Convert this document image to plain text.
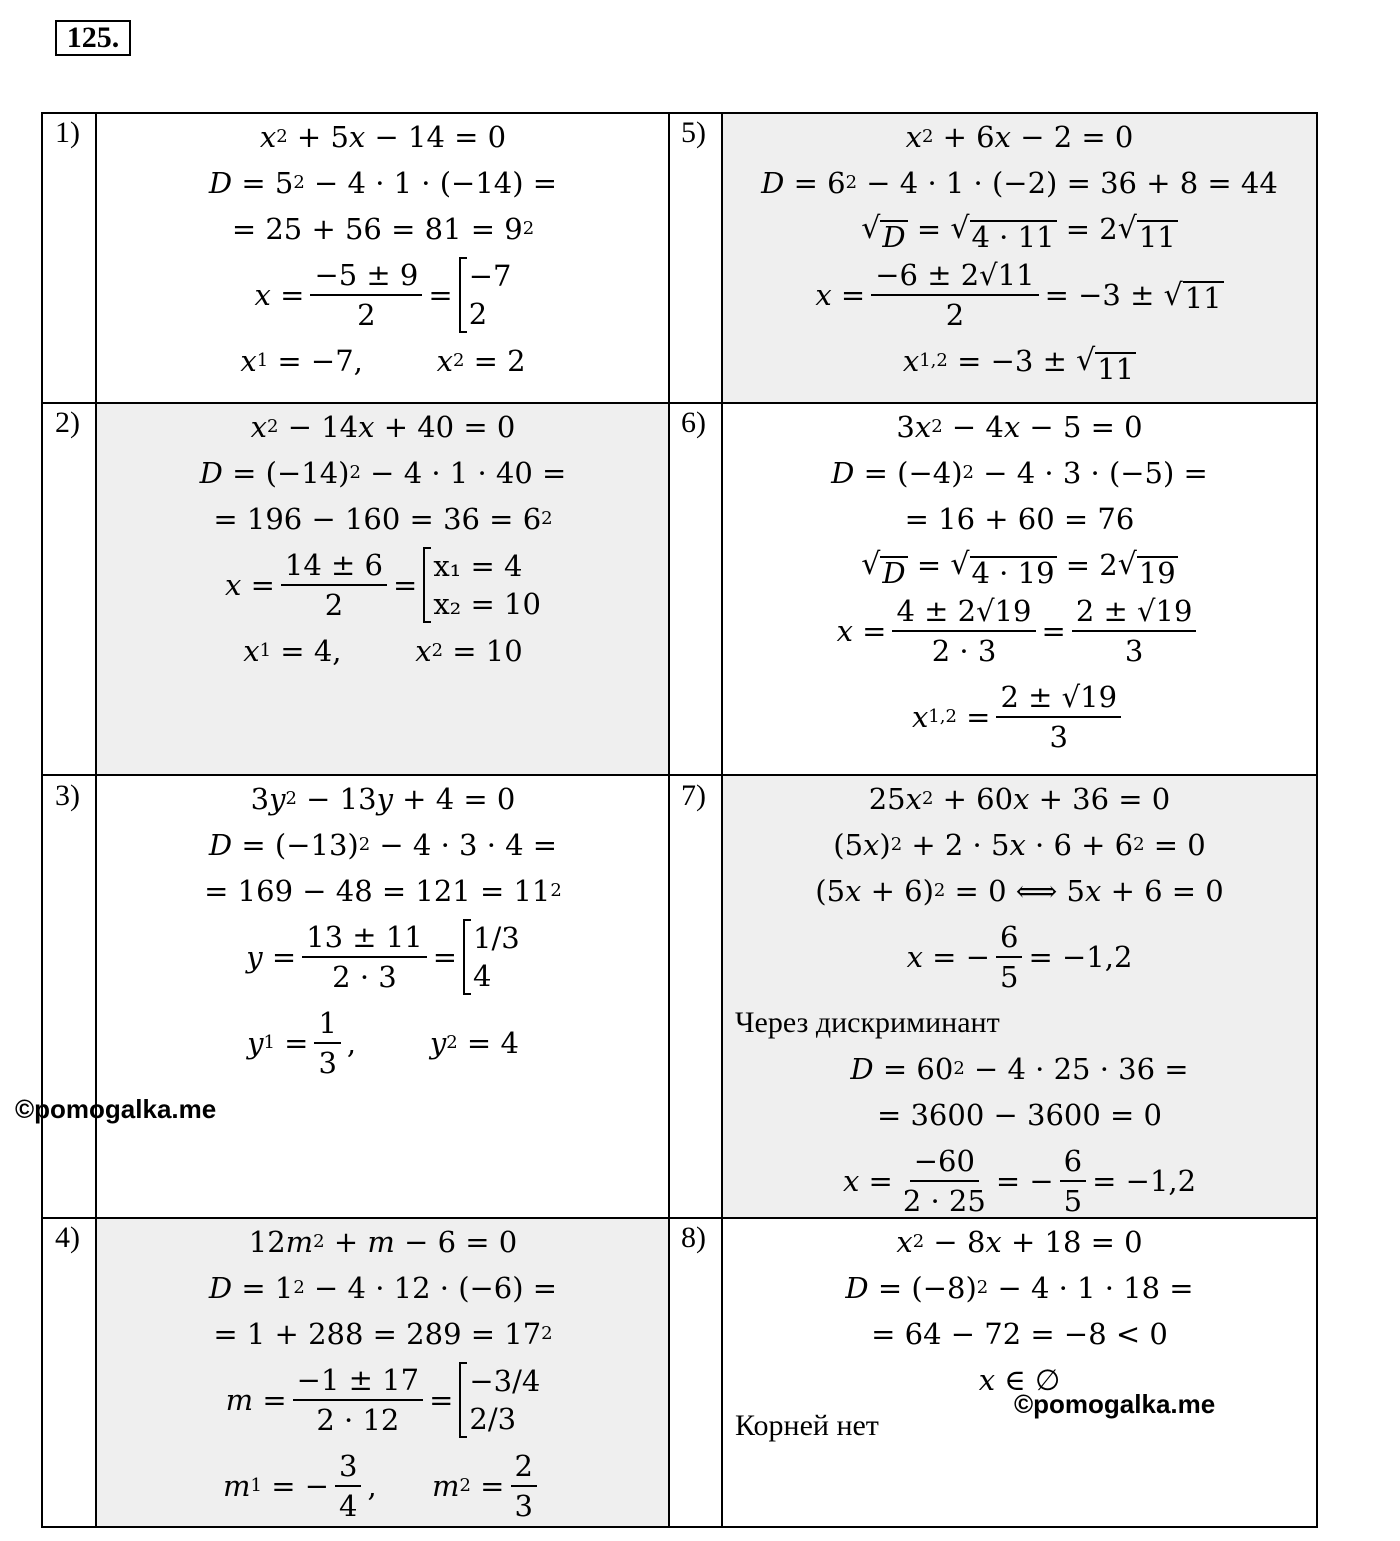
125.
1)
2)
3)
4)
5)
6)
7)
8)
x 2 + 5 x − 14 = 0
D = 5 2 − 4 · 1 · (−14) =
= 25 + 56 = 81 = 9 2
$x = \frac{-5 \pm 9}{2}$ =
−7
2
x 1 = −7, x 2 = 2
x 2 − 14 x + 40 = 0
D = (−14) 2 − 4 · 1 · 40 =
= 196 − 160 = 36 = 6 2
$x = \frac{14 \pm 6}{2}$ =
x₁ = 4
x₂ = 10
x 1 = 4, x 2 = 10
3 y 2 − 13 y + 4 = 0
D = (−13) 2 − 4 · 3 · 4 =
= 169 − 48 = 121 = 11 2
$y = \frac{13 \pm 11}{2 \cdot 3}$ =
1/3
4
y $1 = \frac{1}{3}$ , y 2 = 4
12 m 2 + m − 6 = 0
D = 1 2 − 4 · 12 · (−6) =
= 1 + 288 = 289 = 17 2
$m = \frac{-1 \pm 17}{2 \cdot 12}$ =
−3/4
2/3
m 1 = − $\frac{3}{4}$ , m $2 = \frac{2}{3}$
x 2 + 6 x − 2 = 0
D = 6 2 − 4 · 1 · (−2) = 36 + 8 = 44
√ D = √ 4 · 11 = 2 √ 11
$x = \frac{-6 \pm 2√11}{2} = -3$ ± √ 11
x 1,2 = −3 ± √ 11
3 x 2 − 4 x − 5 = 0
D = (−4) 2 − 4 · 3 · (−5) =
= 16 + 60 = 76
√ D = √ 4 · 19 = 2 √ 19
$x = \frac{4 \pm 2√19}{2 \cdot 3} = \frac{2 \pm √19}{3}$
x $1,2 = \frac{2 \pm √19}{3}$
25 x 2 + 60 x + 36 = 0
(5 x ) 2 + 2 · 5 x · 6 + 6 2 = 0
(5 x + 6) 2 = 0 ⟺ 5 x + 6 = 0
x = − $\frac{6}{5} = -1,2$
Через дискриминант
D = 60 2 − 4 · 25 · 36 =
= 3600 − 3600 = 0
$x = \frac{-60}{2 \cdot 25}$ = − $\frac{6}{5} = -1,2$
x 2 − 8 x + 18 = 0
D = (−8) 2 − 4 · 1 · 18 =
= 64 − 72 = −8 < 0
x ∈ ∅
Корней нет
©pomogalka.me
©pomogalka.me
